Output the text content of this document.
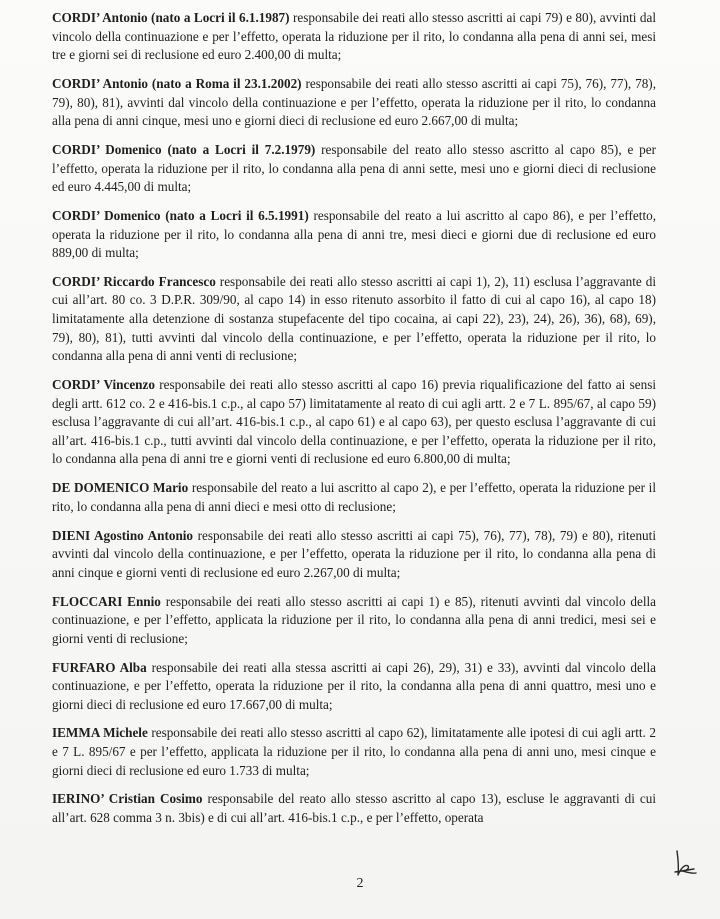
CORDI’ Antonio (nato a Locri il 6.1.1987) responsabile dei reati allo stesso ascritti ai capi 79) e 80), avvinti dal vincolo della continuazione e per l’effetto, operata la riduzione per il rito, lo condanna alla pena di anni sei, mesi tre e giorni sei di reclusione ed euro 2.400,00 di multa;

CORDI’ Antonio (nato a Roma il 23.1.2002) responsabile dei reati allo stesso ascritti ai capi 75), 76), 77), 78), 79), 80), 81), avvinti dal vincolo della continuazione e per l’effetto, operata la riduzione per il rito, lo condanna alla pena di anni cinque, mesi uno e giorni dieci di reclusione ed euro 2.667,00 di multa;

CORDI’ Domenico (nato a Locri il 7.2.1979) responsabile del reato allo stesso ascritto al capo 85), e per l’effetto, operata la riduzione per il rito, lo condanna alla pena di anni sette, mesi uno e giorni dieci di reclusione ed euro 4.445,00 di multa;

CORDI’ Domenico (nato a Locri il 6.5.1991) responsabile del reato a lui ascritto al capo 86), e per l’effetto, operata la riduzione per il rito, lo condanna alla pena di anni tre, mesi dieci e giorni due di reclusione ed euro 889,00 di multa;

CORDI’ Riccardo Francesco responsabile dei reati allo stesso ascritti ai capi 1), 2), 11) esclusa l’aggravante di cui all’art. 80 co. 3 D.P.R. 309/90, al capo 14) in esso ritenuto assorbito il fatto di cui al capo 16), al capo 18) limitatamente alla detenzione di sostanza stupefacente del tipo cocaina, ai capi 22), 23), 24), 26), 36), 68), 69), 79), 80), 81), tutti avvinti dal vincolo della continuazione, e per l’effetto, operata la riduzione per il rito, lo condanna alla pena di anni venti di reclusione;

CORDI’ Vincenzo responsabile dei reati allo stesso ascritti al capo 16) previa riqualificazione del fatto ai sensi degli artt. 612 co. 2 e 416-bis.1 c.p., al capo 57) limitatamente al reato di cui agli artt. 2 e 7 L. 895/67, al capo 59) esclusa l’aggravante di cui all’art. 416-bis.1 c.p., al capo 61) e al capo 63), per questo esclusa l’aggravante di cui all’art. 416-bis.1 c.p., tutti avvinti dal vincolo della continuazione, e per l’effetto, operata la riduzione per il rito, lo condanna alla pena di anni tre e giorni venti di reclusione ed euro 6.800,00 di multa;

DE DOMENICO Mario responsabile del reato a lui ascritto al capo 2), e per l’effetto, operata la riduzione per il rito, lo condanna alla pena di anni dieci e mesi otto di reclusione;

DIENI Agostino Antonio responsabile dei reati allo stesso ascritti ai capi 75), 76), 77), 78), 79) e 80), ritenuti avvinti dal vincolo della continuazione, e per l’effetto, operata la riduzione per il rito, lo condanna alla pena di anni cinque e giorni venti di reclusione ed euro 2.267,00 di multa;

FLOCCARI Ennio responsabile dei reati allo stesso ascritti ai capi 1) e 85), ritenuti avvinti dal vincolo della continuazione, e per l’effetto, applicata la riduzione per il rito, lo condanna alla pena di anni tredici, mesi sei e giorni venti di reclusione;

FURFARO Alba responsabile dei reati alla stessa ascritti ai capi 26), 29), 31) e 33), avvinti dal vincolo della continuazione, e per l’effetto, operata la riduzione per il rito, la condanna alla pena di anni quattro, mesi uno e giorni dieci di reclusione ed euro 17.667,00 di multa;

IEMMA Michele responsabile dei reati allo stesso ascritti al capo 62), limitatamente alle ipotesi di cui agli artt. 2 e 7 L. 895/67 e per l’effetto, applicata la riduzione per il rito, lo condanna alla pena di anni uno, mesi cinque e giorni dieci di reclusione ed euro 1.733 di multa;

IERINO’ Cristian Cosimo responsabile del reato allo stesso ascritto al capo 13), escluse le aggravanti di cui all’art. 628 comma 3 n. 3bis) e di cui all’art. 416-bis.1 c.p., e per l’effetto, operata

2
